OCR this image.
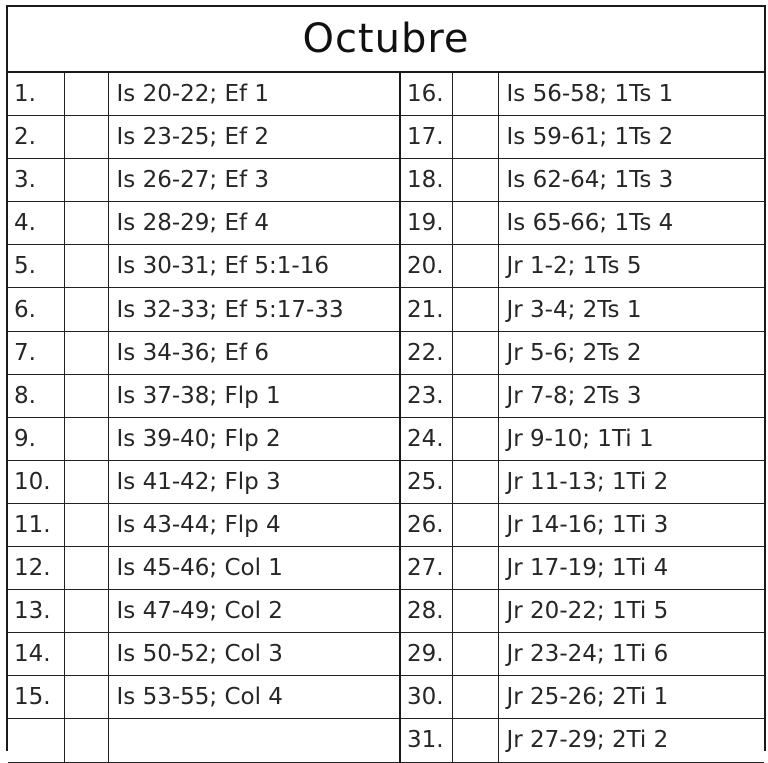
Octubre
1.		Is 20-22; Ef 1	16.		Is 56-58; 1Ts 1
2.		Is 23-25; Ef 2	17.		Is 59-61; 1Ts 2
3.		Is 26-27; Ef 3	18.		Is 62-64; 1Ts 3
4.		Is 28-29; Ef 4	19.		Is 65-66; 1Ts 4
5.		Is 30-31; Ef 5:1-16	20.		Jr 1-2; 1Ts 5
6.		Is 32-33; Ef 5:17-33	21.		Jr 3-4; 2Ts 1
7.		Is 34-36; Ef 6	22.		Jr 5-6; 2Ts 2
8.		Is 37-38; Flp 1	23.		Jr 7-8; 2Ts 3
9.		Is 39-40; Flp 2	24.		Jr 9-10; 1Ti 1
10.		Is 41-42; Flp 3	25.		Jr 11-13; 1Ti 2
11.		Is 43-44; Flp 4	26.		Jr 14-16; 1Ti 3
12.		Is 45-46; Col 1	27.		Jr 17-19; 1Ti 4
13.		Is 47-49; Col 2	28.		Jr 20-22; 1Ti 5
14.		Is 50-52; Col 3	29.		Jr 23-24; 1Ti 6
15.		Is 53-55; Col 4	30.		Jr 25-26; 2Ti 1
			31.		Jr 27-29; 2Ti 2
